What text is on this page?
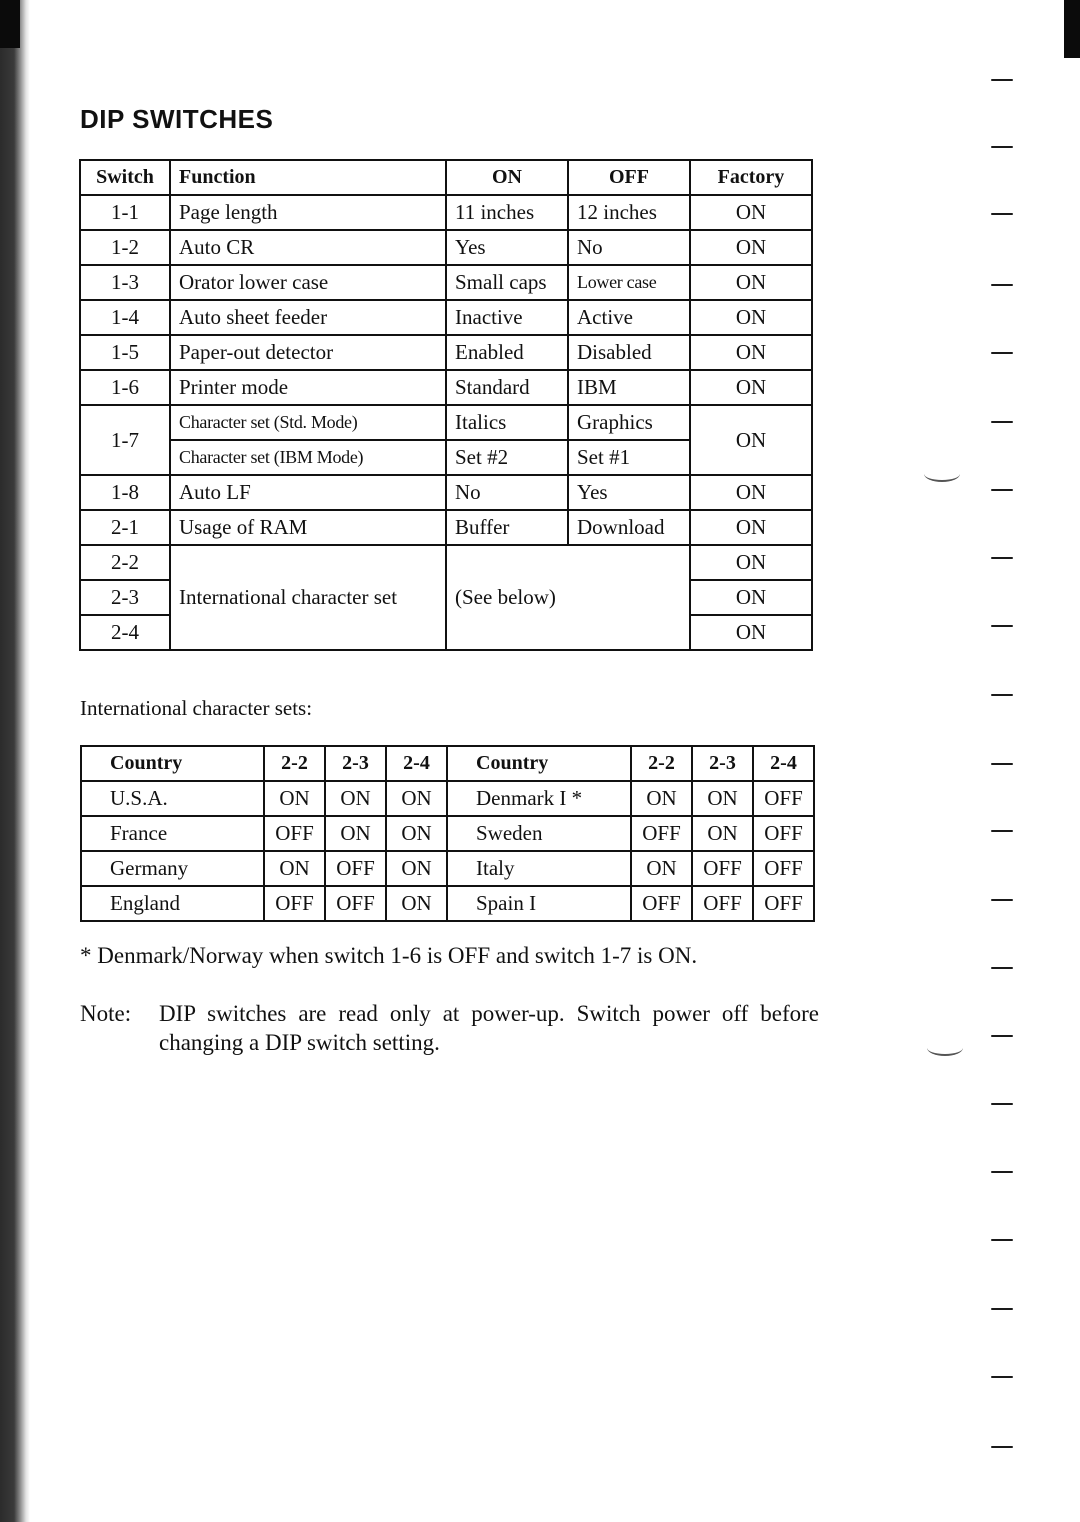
DIP SWITCHES
Switch	Function	ON	OFF	Factory
1-1	Page length	11 inches	12 inches	ON
1-2	Auto CR	Yes	No	ON
1-3	Orator lower case	Small caps	Lower case	ON
1-4	Auto sheet feeder	Inactive	Active	ON
1-5	Paper-out detector	Enabled	Disabled	ON
1-6	Printer mode	Standard	IBM	ON
1-7	Character set (Std. Mode)	Italics	Graphics	ON
	Character set (IBM Mode)	Set #2	Set #1	
1-8	Auto LF	No	Yes	ON
2-1	Usage of RAM	Buffer	Download	ON
2-2	International character set	(See below)		ON
2-3				ON
2-4				ON

International character sets:

Country	2-2	2-3	2-4	Country	2-2	2-3	2-4
U.S.A.	ON	ON	ON	Denmark I *	ON	ON	OFF
France	OFF	ON	ON	Sweden	OFF	ON	OFF
Germany	ON	OFF	ON	Italy	ON	OFF	OFF
England	OFF	OFF	ON	Spain I	OFF	OFF	OFF

* Denmark/Norway when switch 1-6 is OFF and switch 1-7 is ON.

Note: DIP switches are read only at power-up. Switch power off before changing a DIP switch setting.
